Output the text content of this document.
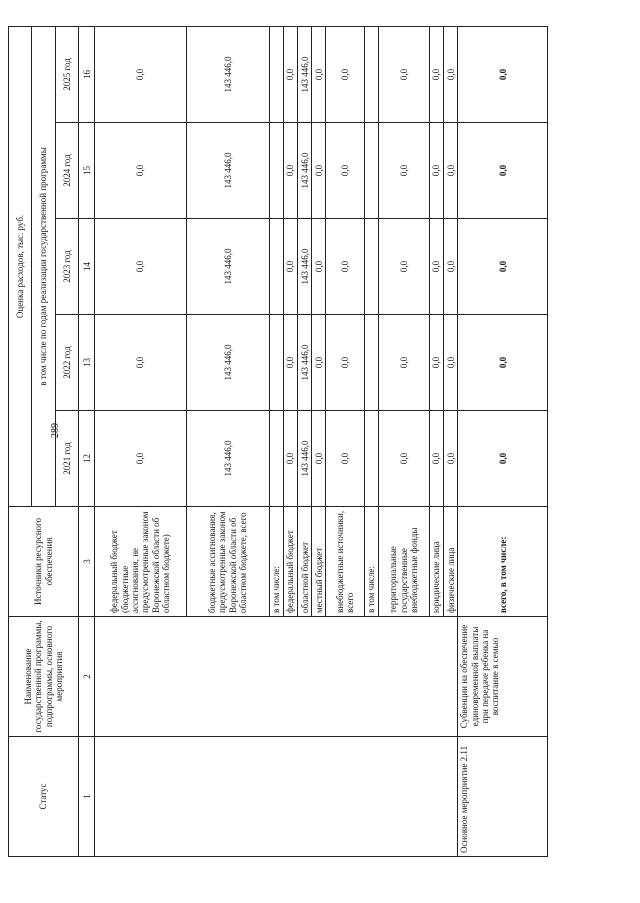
289
Статус	Наименование государственной программы, подпрограммы, основного мероприятия	Источники ресурсного обеспечения	Оценка расходов, тыс. руб.				
			в том числе по годам реализации государственной программы				
			2021 год	2022 год	2023 год	2024 год	2025 год
1	2	3	12	13	14	15	16
		федеральный бюджет (бюджетные ассигнования, не предусмотренные законом Воронежской области об областном бюджете)	0,0	0,0	0,0	0,0	0,0
		бюджетные ассигнования, предусмотренные законом Воронежской области об областном бюджете, всего	143 446,0	143 446,0	143 446,0	143 446,0	143 446,0
		в том числе:					
		федеральный бюджет	0,0	0,0	0,0	0,0	0,0
		областной бюджет	143 446,0	143 446,0	143 446,0	143 446,0	143 446,0
		местный бюджет	0,0	0,0	0,0	0,0	0,0
		внебюджетные источники, всего	0,0	0,0	0,0	0,0	0,0
		в том числе:					
		территориальные государственные внебюджетные фонды	0,0	0,0	0,0	0,0	0,0
		юридические лица	0,0	0,0	0,0	0,0	0,0
		физические лица	0,0	0,0	0,0	0,0	0,0
Основное мероприятие 2.11	Субвенции на обеспечение единовременной выплаты при передаче ребенка на воспитание в семью	всего, в том числе:	0,0	0,0	0,0	0,0	0,0
